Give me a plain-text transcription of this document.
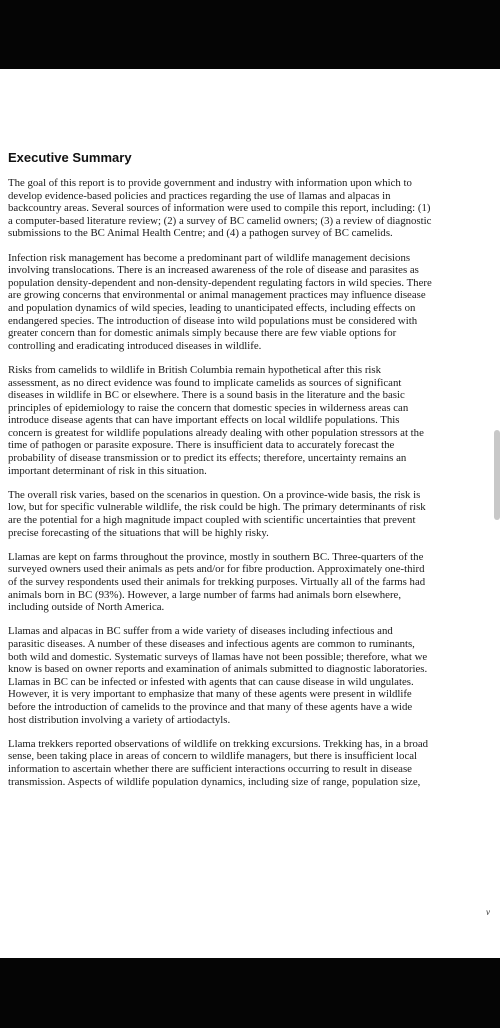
Executive Summary
The goal of this report is to provide government and industry with information upon which to
develop evidence-based policies and practices regarding the use of llamas and alpacas in
backcountry areas. Several sources of information were used to compile this report, including: (1)
a computer-based literature review; (2) a survey of BC camelid owners; (3) a review of diagnostic
submissions to the BC Animal Health Centre; and (4) a pathogen survey of BC camelids.
Infection risk management has become a predominant part of wildlife management decisions
involving translocations. There is an increased awareness of the role of disease and parasites as
population density-dependent and non-density-dependent regulating factors in wild species. There
are growing concerns that environmental or animal management practices may influence disease
and population dynamics of wild species, leading to unanticipated effects, including effects on
endangered species. The introduction of disease into wild populations must be considered with
greater concern than for domestic animals simply because there are few viable options for
controlling and eradicating introduced diseases in wildlife.
Risks from camelids to wildlife in British Columbia remain hypothetical after this risk
assessment, as no direct evidence was found to implicate camelids as sources of significant
diseases in wildlife in BC or elsewhere. There is a sound basis in the literature and the basic
principles of epidemiology to raise the concern that domestic species in wilderness areas can
introduce disease agents that can have important effects on local wildlife populations. This
concern is greatest for wildlife populations already dealing with other population stressors at the
time of pathogen or parasite exposure. There is insufficient data to accurately forecast the
probability of disease transmission or to predict its effects; therefore, uncertainty remains an
important determinant of risk in this situation.
The overall risk varies, based on the scenarios in question. On a province-wide basis, the risk is
low, but for specific vulnerable wildlife, the risk could be high. The primary determinants of risk
are the potential for a high magnitude impact coupled with scientific uncertainties that prevent
precise forecasting of the situations that will be highly risky.
Llamas are kept on farms throughout the province, mostly in southern BC. Three-quarters of the
surveyed owners used their animals as pets and/or for fibre production. Approximately one-third
of the survey respondents used their animals for trekking purposes. Virtually all of the farms had
animals born in BC (93%). However, a large number of farms had animals born elsewhere,
including outside of North America.
Llamas and alpacas in BC suffer from a wide variety of diseases including infectious and
parasitic diseases. A number of these diseases and infectious agents are common to ruminants,
both wild and domestic. Systematic surveys of llamas have not been possible; therefore, what we
know is based on owner reports and examination of animals submitted to diagnostic laboratories.
Llamas in BC can be infected or infested with agents that can cause disease in wild ungulates.
However, it is very important to emphasize that many of these agents were present in wildlife
before the introduction of camelids to the province and that many of these agents have a wide
host distribution involving a variety of artiodactyls.
Llama trekkers reported observations of wildlife on trekking excursions. Trekking has, in a broad
sense, been taking place in areas of concern to wildlife managers, but there is insufficient local
information to ascertain whether there are sufficient interactions occurring to result in disease
transmission. Aspects of wildlife population dynamics, including size of range, population size,
v
